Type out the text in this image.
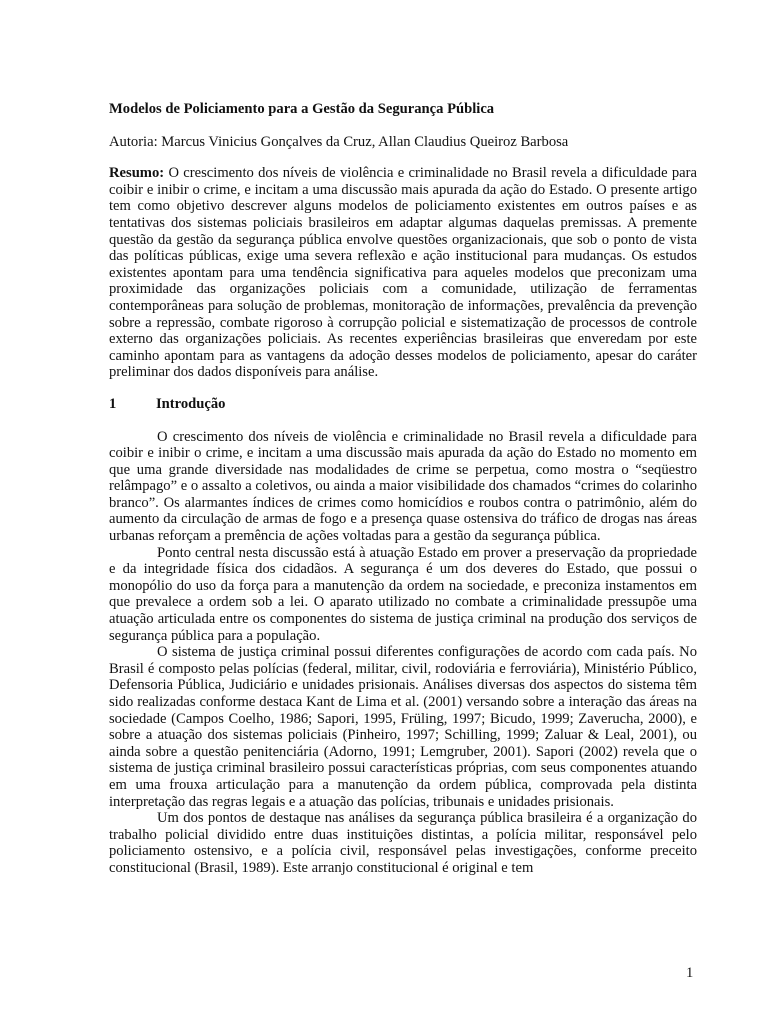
Modelos de Policiamento para a Gestão da Segurança Pública

Autoria: Marcus Vinicius Gonçalves da Cruz, Allan Claudius Queiroz Barbosa

Resumo: O crescimento dos níveis de violência e criminalidade no Brasil revela a dificuldade para coibir e inibir o crime, e incitam a uma discussão mais apurada da ação do Estado. O presente artigo tem como objetivo descrever alguns modelos de policiamento existentes em outros países e as tentativas dos sistemas policiais brasileiros em adaptar algumas daquelas premissas. A premente questão da gestão da segurança pública envolve questões organizacionais, que sob o ponto de vista das políticas públicas, exige uma severa reflexão e ação institucional para mudanças. Os estudos existentes apontam para uma tendência significativa para aqueles modelos que preconizam uma proximidade das organizações policiais com a comunidade, utilização de ferramentas contemporâneas para solução de problemas, monitoração de informações, prevalência da prevenção sobre a repressão, combate rigoroso à corrupção policial e sistematização de processos de controle externo das organizações policiais. As recentes experiências brasileiras que enveredam por este caminho apontam para as vantagens da adoção desses modelos de policiamento, apesar do caráter preliminar dos dados disponíveis para análise.

1	Introdução

O crescimento dos níveis de violência e criminalidade no Brasil revela a dificuldade para coibir e inibir o crime, e incitam a uma discussão mais apurada da ação do Estado no momento em que uma grande diversidade nas modalidades de crime se perpetua, como mostra o “seqüestro relâmpago” e o assalto a coletivos, ou ainda a maior visibilidade dos chamados “crimes do colarinho branco”. Os alarmantes índices de crimes como homicídios e roubos contra o patrimônio, além do aumento da circulação de armas de fogo e a presença quase ostensiva do tráfico de drogas nas áreas urbanas reforçam a premência de ações voltadas para a gestão da segurança pública.

Ponto central nesta discussão está à atuação Estado em prover a preservação da propriedade e da integridade física dos cidadãos. A segurança é um dos deveres do Estado, que possui o monopólio do uso da força para a manutenção da ordem na sociedade, e preconiza instamentos em que prevalece a ordem sob a lei. O aparato utilizado no combate a criminalidade pressupõe uma atuação articulada entre os componentes do sistema de justiça criminal na produção dos serviços de segurança pública para a população.

O sistema de justiça criminal possui diferentes configurações de acordo com cada país. No Brasil é composto pelas polícias (federal, militar, civil, rodoviária e ferroviária), Ministério Público, Defensoria Pública, Judiciário e unidades prisionais. Análises diversas dos aspectos do sistema têm sido realizadas conforme destaca Kant de Lima et al. (2001) versando sobre a interação das áreas na sociedade (Campos Coelho, 1986; Sapori, 1995, Früling, 1997; Bicudo, 1999; Zaverucha, 2000), e sobre a atuação dos sistemas policiais (Pinheiro, 1997; Schilling, 1999; Zaluar & Leal, 2001), ou ainda sobre a questão penitenciária (Adorno, 1991; Lemgruber, 2001). Sapori (2002) revela que o sistema de justiça criminal brasileiro possui características próprias, com seus componentes atuando em uma frouxa articulação para a manutenção da ordem pública, comprovada pela distinta interpretação das regras legais e a atuação das polícias, tribunais e unidades prisionais.

Um dos pontos de destaque nas análises da segurança pública brasileira é a organização do trabalho policial dividido entre duas instituições distintas, a polícia militar, responsável pelo policiamento ostensivo, e a polícia civil, responsável pelas investigações, conforme preceito constitucional (Brasil, 1989). Este arranjo constitucional é original e tem

1
